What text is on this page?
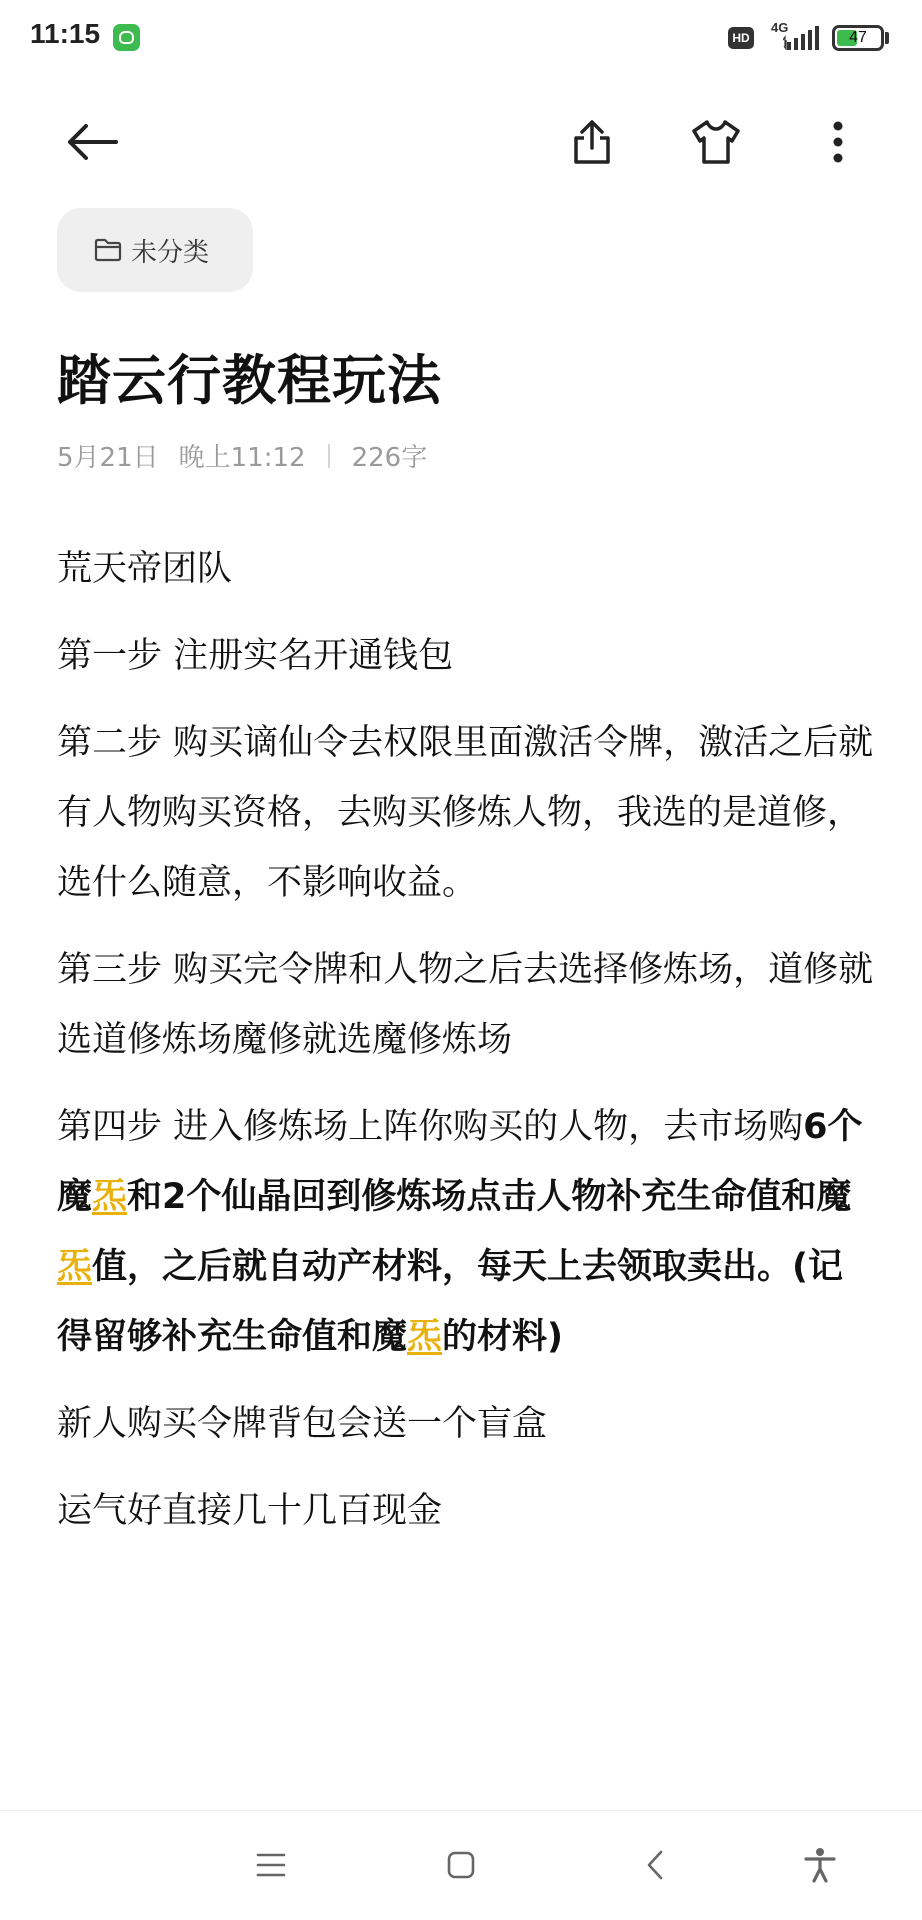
11:15	HD
4G
47
未分类
踏云行教程玩法
5月21日 晚上11:12 226字

荒天帝团队

第一步 注册实名开通钱包

第二步 购买谪仙令去权限里面激活令牌，激活之后就有人物购买资格，去购买修炼人物，我选的是道修，选什么随意，不影响收益。

第三步 购买完令牌和人物之后去选择修炼场，道修就选道修炼场魔修就选魔修炼场

第四步 进入修炼场上阵你购买的人物，去市场购6个魔炁和2个仙晶回到修炼场点击人物补充生命值和魔炁值，之后就自动产材料，每天上去领取卖出。(记得留够补充生命值和魔炁的材料)

新人购买令牌背包会送一个盲盒

运气好直接几十几百现金
